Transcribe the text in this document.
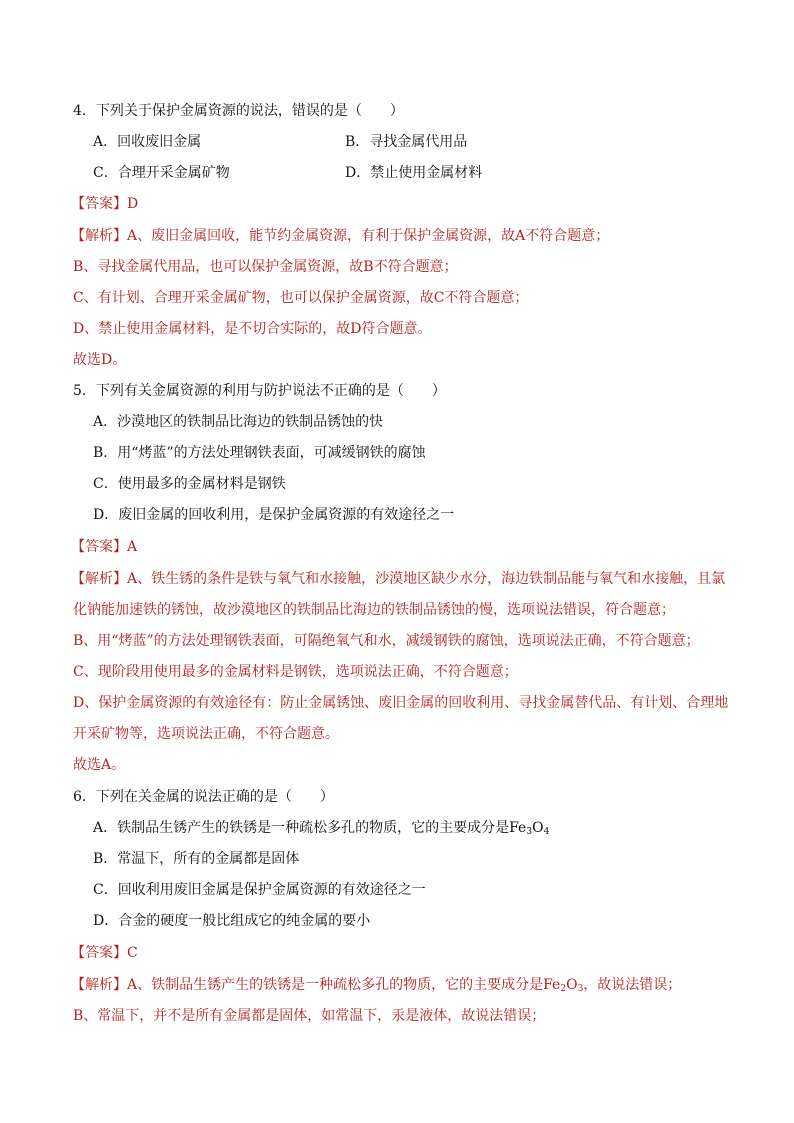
4．下列关于保护金属资源的说法，错误的是（　　）
A．回收废旧金属	B．寻找金属代用品
C．合理开采金属矿物	D．禁止使用金属材料
【答案】D
【解析】A、废旧金属回收，能节约金属资源，有利于保护金属资源，故A不符合题意；
B、寻找金属代用品，也可以保护金属资源，故B不符合题意；
C、有计划、合理开采金属矿物，也可以保护金属资源，故C不符合题意；
D、禁止使用金属材料，是不切合实际的，故D符合题意。
故选D。
5．下列有关金属资源的利用与防护说法不正确的是（　　）
A．沙漠地区的铁制品比海边的铁制品锈蚀的快
B．用“烤蓝”的方法处理钢铁表面，可减缓钢铁的腐蚀
C．使用最多的金属材料是钢铁
D．废旧金属的回收利用，是保护金属资源的有效途径之一
【答案】A
【解析】A、铁生锈的条件是铁与氧气和水接触，沙漠地区缺少水分，海边铁制品能与氧气和水接触，且氯
化钠能加速铁的锈蚀，故沙漠地区的铁制品比海边的铁制品锈蚀的慢，选项说法错误，符合题意；
B、用“烤蓝”的方法处理钢铁表面，可隔绝氧气和水，减缓钢铁的腐蚀，选项说法正确，不符合题意；
C、现阶段用使用最多的金属材料是钢铁，选项说法正确，不符合题意；
D、保护金属资源的有效途径有：防止金属锈蚀、废旧金属的回收利用、寻找金属替代品、有计划、合理地
开采矿物等，选项说法正确，不符合题意。
故选A。
6．下列在关金属的说法正确的是（　　）
A．铁制品生锈产生的铁锈是一种疏松多孔的物质，它的主要成分是$Fe_3O_4$
B．常温下，所有的金属都是固体
C．回收利用废旧金属是保护金属资源的有效途径之一
D．合金的硬度一般比组成它的纯金属的要小
【答案】C
【解析】A、铁制品生锈产生的铁锈是一种疏松多孔的物质，它的主要成分是$Fe_2O_3$，故说法错误；
B、常温下，并不是所有金属都是固体，如常温下，汞是液体，故说法错误；
